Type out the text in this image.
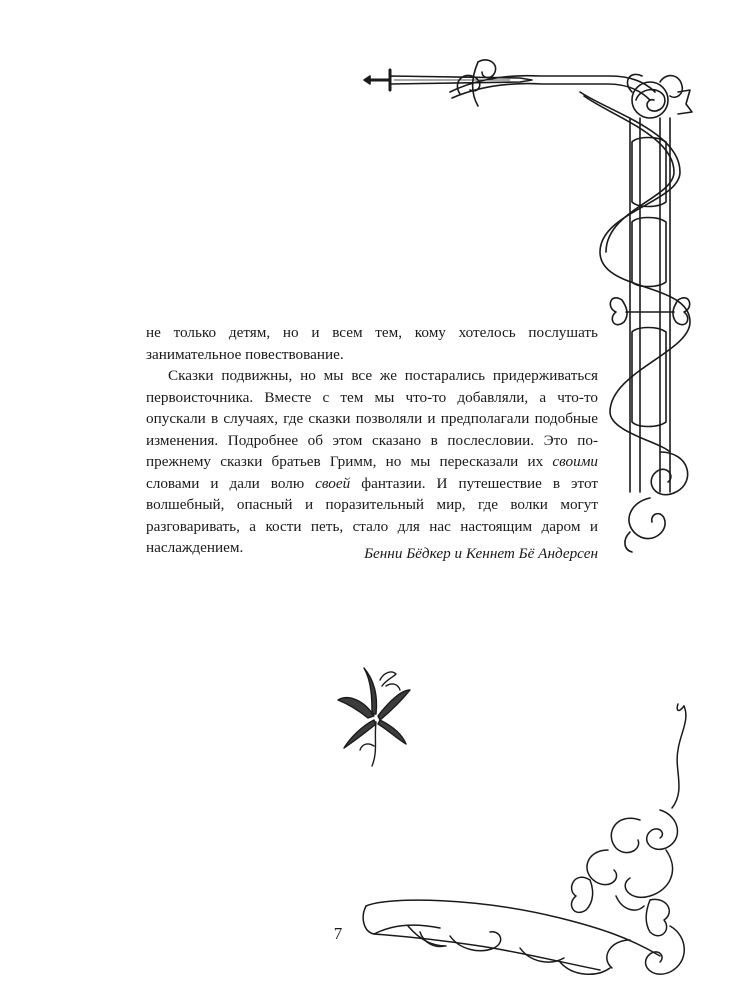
не только детям, но и всем тем, кому хотелось послушать занимательное повествование.

Сказки подвижны, но мы все же постарались придерживаться первоисточника. Вместе с тем мы что-то добавляли, а что-то опускали в случаях, где сказки позволяли и предполагали подобные изменения. Подробнее об этом сказано в послесловии. Это по-прежнему сказки братьев Гримм, но мы пересказали их своими словами и дали волю своей фантазии. И путешествие в этот волшебный, опасный и поразительный мир, где волки могут разговаривать, а кости петь, стало для нас настоящим даром и наслаждением.	Бенни Бёдкер и Кеннет Бё Андерсен
7
